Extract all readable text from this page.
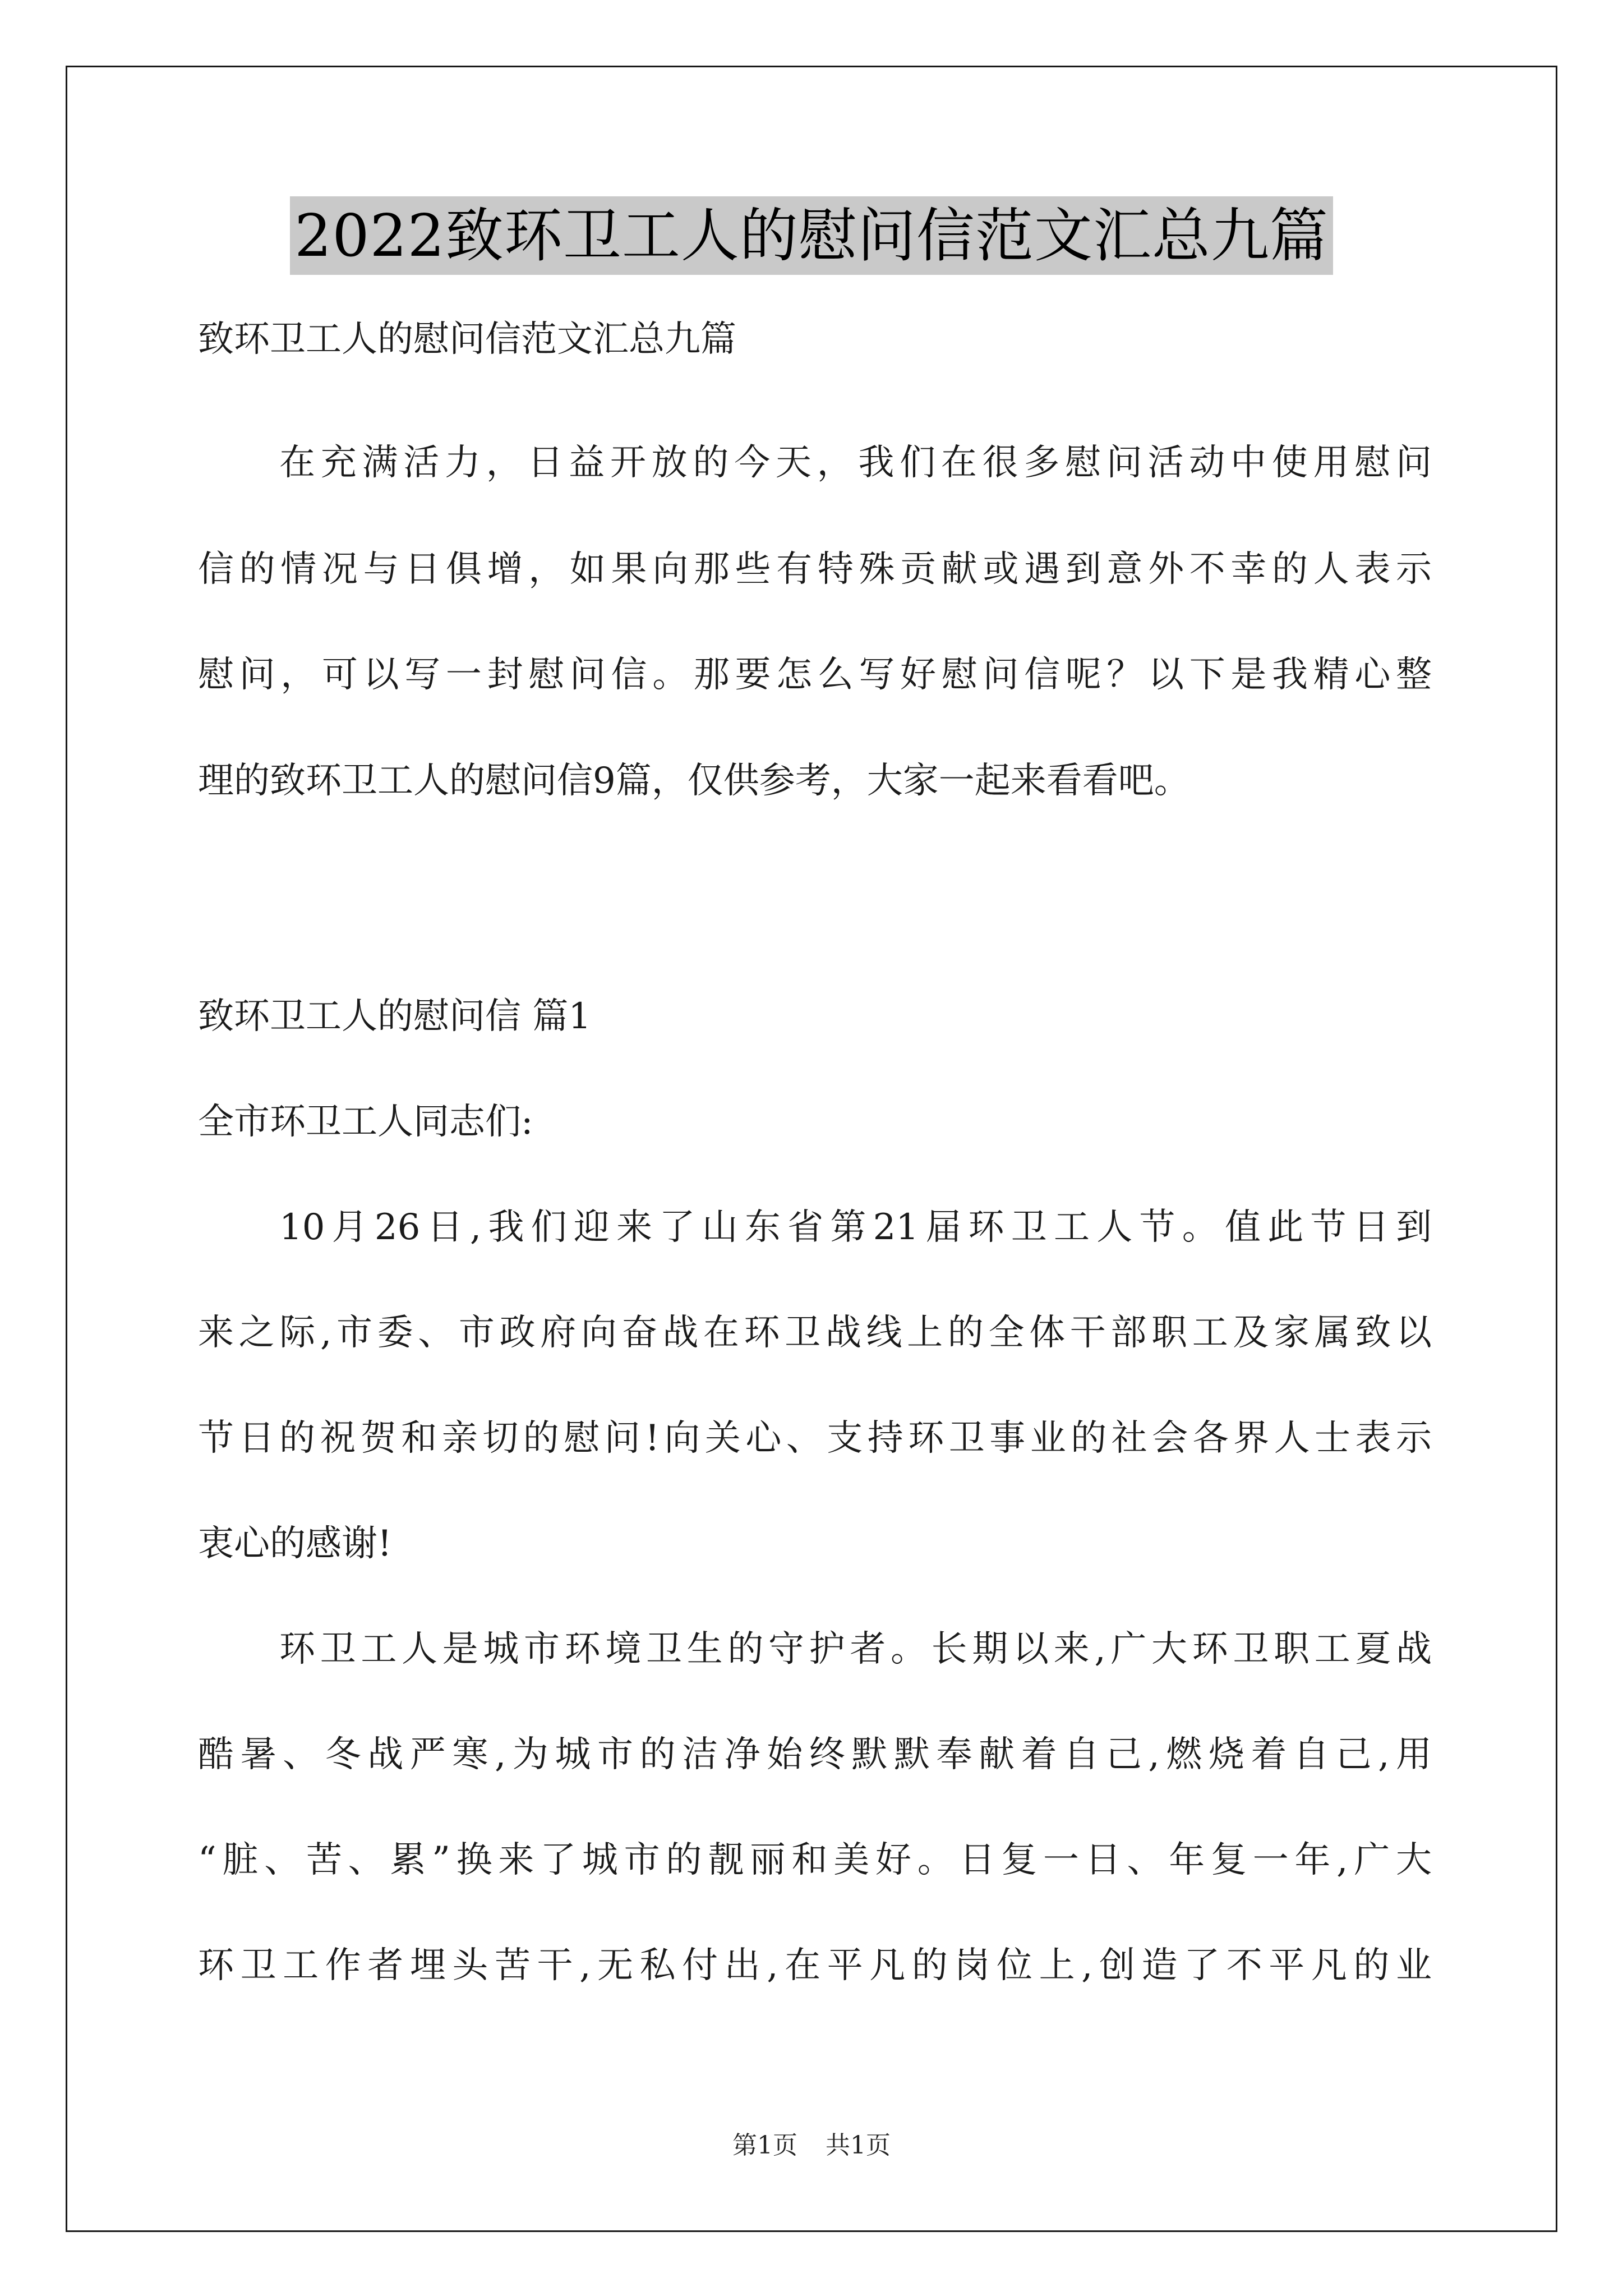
2022致环卫工人的慰问信范文汇总九篇
致环卫工人的慰问信范文汇总九篇
在充满活力，日益开放的今天，我们在很多慰问活动中使用慰问
信的情况与日俱增，如果向那些有特殊贡献或遇到意外不幸的人表示
慰问，可以写一封慰问信。那要怎么写好慰问信呢？以下是我精心整
理的致环卫工人的慰问信9篇，仅供参考，大家一起来看看吧。
致环卫工人的慰问信 篇1
全市环卫工人同志们:
10月26日,我们迎来了山东省第21届环卫工人节。值此节日到
来之际,市委、市政府向奋战在环卫战线上的全体干部职工及家属致以
节日的祝贺和亲切的慰问!向关心、支持环卫事业的社会各界人士表示
衷心的感谢!
环卫工人是城市环境卫生的守护者。长期以来,广大环卫职工夏战
酷暑、冬战严寒,为城市的洁净始终默默奉献着自己,燃烧着自己,用
“脏、苦、累”换来了城市的靓丽和美好。日复一日、年复一年,广大
环卫工作者埋头苦干,无私付出,在平凡的岗位上,创造了不平凡的业
第1页 共1页
